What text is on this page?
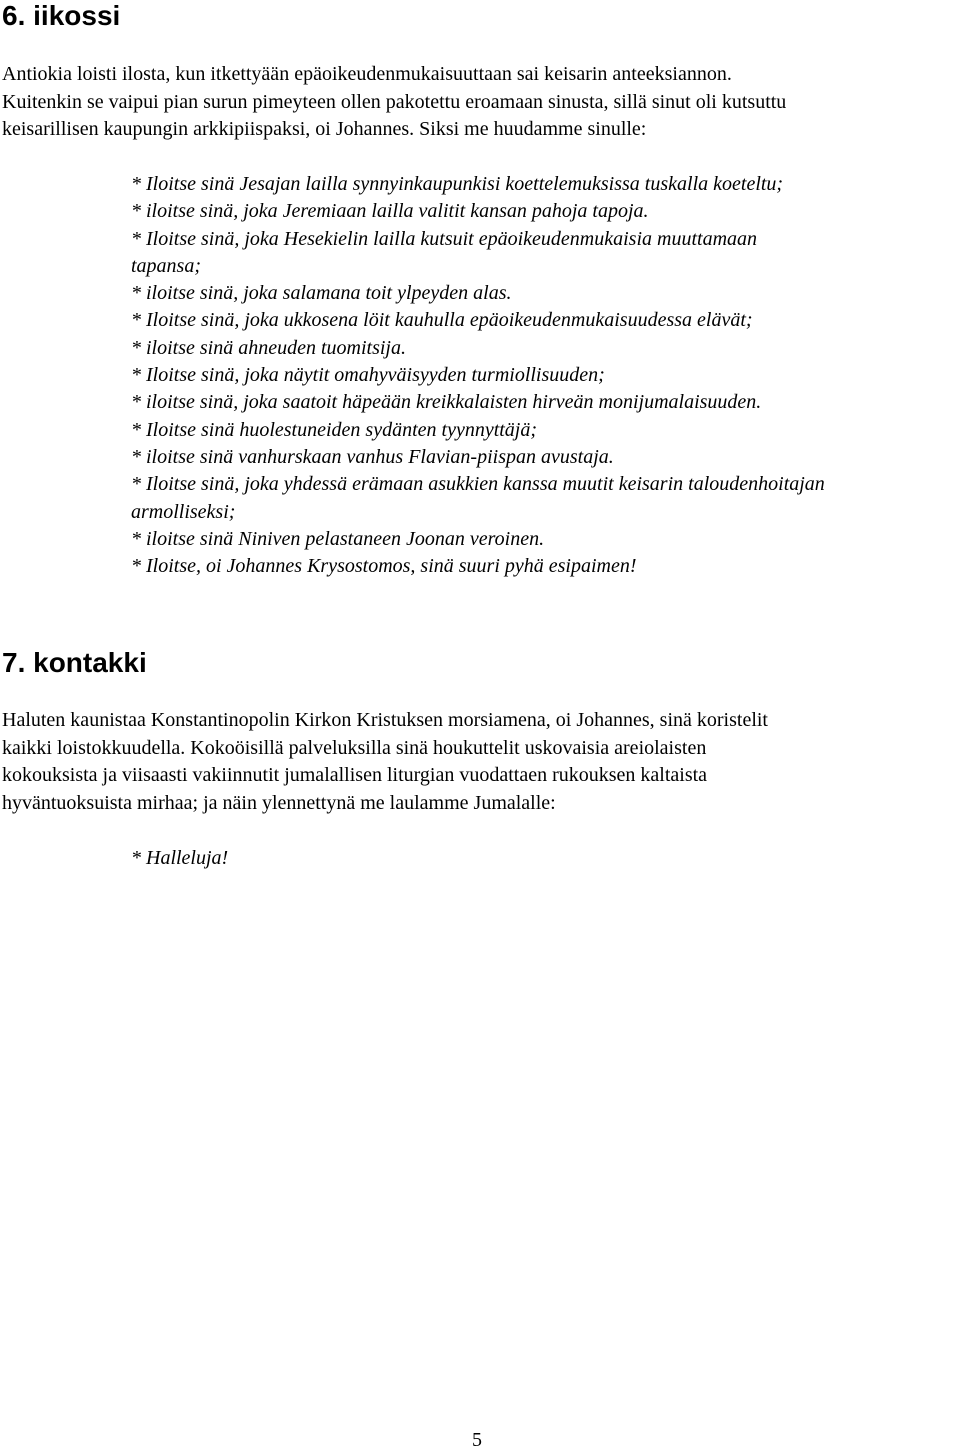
6. iikossi

Antiokia loisti ilosta, kun itkettyään epäoikeudenmukaisuuttaan sai keisarin anteeksiannon.
Kuitenkin se vaipui pian surun pimeyteen ollen pakotettu eroamaan sinusta, sillä sinut oli kutsuttu
keisarillisen kaupungin arkkipiispaksi, oi Johannes. Siksi me huudamme sinulle:

* Iloitse sinä Jesajan lailla synnyinkaupunkisi koettelemuksissa tuskalla koeteltu;
* iloitse sinä, joka Jeremiaan lailla valitit kansan pahoja tapoja.
* Iloitse sinä, joka Hesekielin lailla kutsuit epäoikeudenmukaisia muuttamaan
tapansa;
* iloitse sinä, joka salamana toit ylpeyden alas.
* Iloitse sinä, joka ukkosena löit kauhulla epäoikeudenmukaisuudessa elävät;
* iloitse sinä ahneuden tuomitsija.
* Iloitse sinä, joka näytit omahyväisyyden turmiollisuuden;
* iloitse sinä, joka saatoit häpeään kreikkalaisten hirveän monijumalaisuuden.
* Iloitse sinä huolestuneiden sydänten tyynnyttäjä;
* iloitse sinä vanhurskaan vanhus Flavian-piispan avustaja.
* Iloitse sinä, joka yhdessä erämaan asukkien kanssa muutit keisarin taloudenhoitajan
armolliseksi;
* iloitse sinä Niniven pelastaneen Joonan veroinen.
* Iloitse, oi Johannes Krysostomos, sinä suuri pyhä esipaimen!
7. kontakki

Haluten kaunistaa Konstantinopolin Kirkon Kristuksen morsiamena, oi Johannes, sinä koristelit
kaikki loistokkuudella. Kokoöisillä palveluksilla sinä houkuttelit uskovaisia areiolaisten
kokouksista ja viisaasti vakiinnutit jumalallisen liturgian vuodattaen rukouksen kaltaista
hyväntuoksuista mirhaa; ja näin ylennettynä me laulamme Jumalalle:

* Halleluja!

5
